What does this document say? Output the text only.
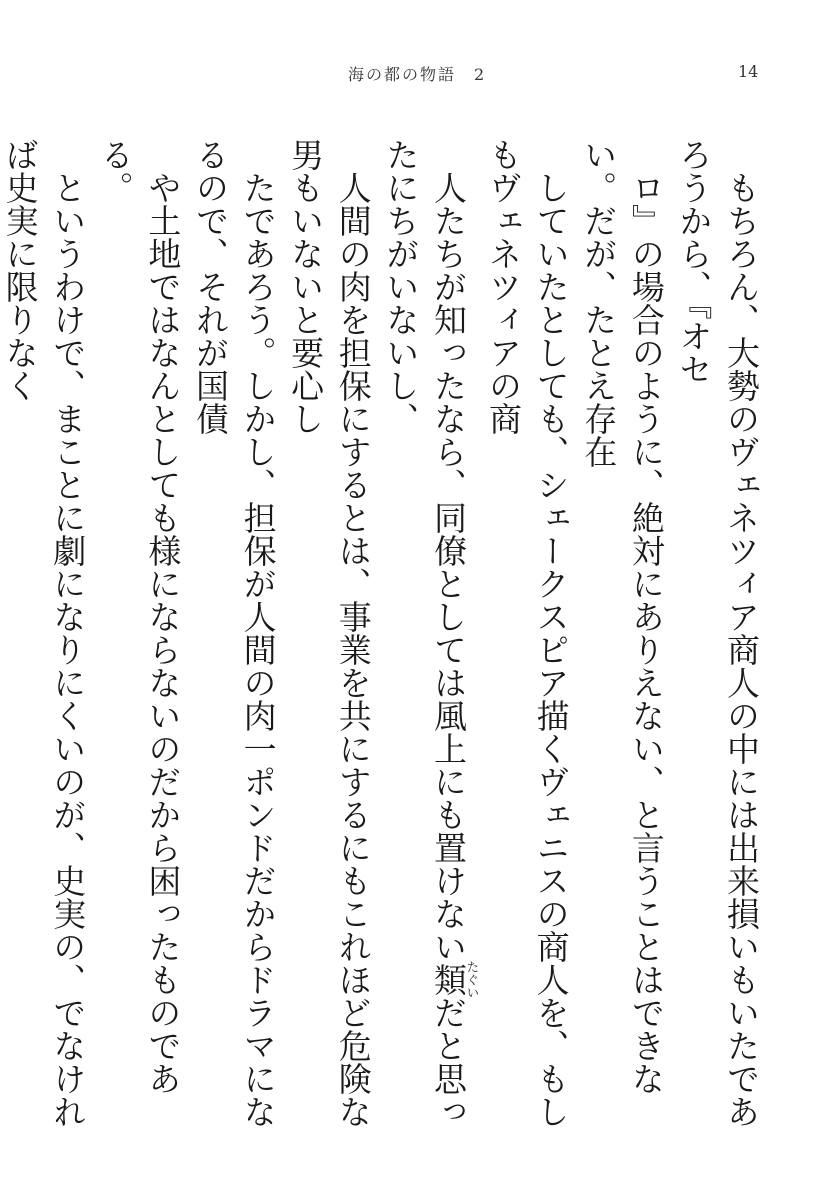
海の都の物語　2	14
もちろん、大勢のヴェネツィア商人の中には出来損いもいたであろうから、『オセ
ロ』の場合のように、絶対にありえない、と言うことはできない。だが、たとえ存在
していたとしても、シェークスピア描くヴェニスの商人を、もしもヴェネツィアの商
人たちが知ったなら、同僚としては風上にも置けない類たぐいだと思ったにちがいないし、
人間の肉を担保にするとは、事業を共にするにもこれほど危険な男もいないと要心し
たであろう。しかし、担保が人間の肉一ポンドだからドラマになるので、それが国債
や土地ではなんとしても様にならないのだから困ったものである。
というわけで、まことに劇になりにくいのが、史実の、でなければ史実に限りなく
